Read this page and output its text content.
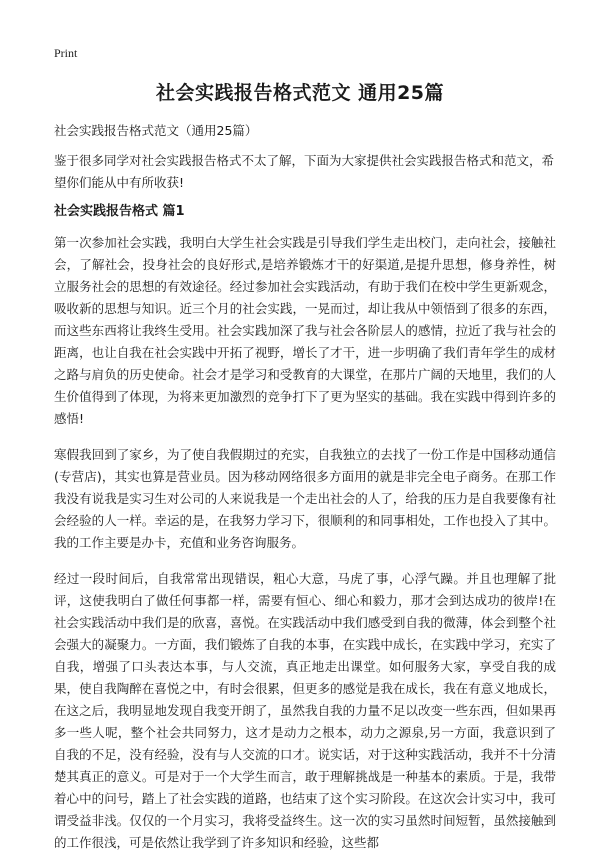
Print
社会实践报告格式范文 通用25篇
社会实践报告格式范文（通用25篇）

鉴于很多同学对社会实践报告格式不太了解，下面为大家提供社会实践报告格式和范文，希望你们能从中有所收获!

社会实践报告格式 篇1

第一次参加社会实践，我明白大学生社会实践是引导我们学生走出校门，走向社会，接触社会，了解社会，投身社会的良好形式,是培养锻炼才干的好渠道,是提升思想，修身养性，树立服务社会的思想的有效途径。经过参加社会实践活动，有助于我们在校中学生更新观念，吸收新的思想与知识。近三个月的社会实践，一晃而过，却让我从中领悟到了很多的东西，而这些东西将让我终生受用。社会实践加深了我与社会各阶层人的感情，拉近了我与社会的距离，也让自我在社会实践中开拓了视野，增长了才干，进一步明确了我们青年学生的成材之路与肩负的历史使命。社会才是学习和受教育的大课堂，在那片广阔的天地里，我们的人生价值得到了体现，为将来更加激烈的竞争打下了更为坚实的基础。我在实践中得到许多的感悟!

寒假我回到了家乡，为了使自我假期过的充实，自我独立的去找了一份工作是中国移动通信(专营店)，其实也算是营业员。因为移动网络很多方面用的就是非完全电子商务。在那工作我没有说我是实习生对公司的人来说我是一个走出社会的人了，给我的压力是自我要像有社会经验的人一样。幸运的是，在我努力学习下，很顺利的和同事相处，工作也投入了其中。我的工作主要是办卡，充值和业务咨询服务。

经过一段时间后，自我常常出现错误，粗心大意，马虎了事，心浮气躁。并且也理解了批评，这使我明白了做任何事都一样，需要有恒心、细心和毅力，那才会到达成功的彼岸!在社会实践活动中我们是的欣喜，喜悦。在实践活动中我们感受到自我的微薄，体会到整个社会强大的凝聚力。一方面，我们锻炼了自我的本事，在实践中成长，在实践中学习，充实了自我，增强了口头表达本事，与人交流，真正地走出课堂。如何服务大家，享受自我的成果，使自我陶醉在喜悦之中，有时会很累，但更多的感觉是我在成长，我在有意义地成长，在这之后，我明显地发现自我变开朗了，虽然我自我的力量不足以改变一些东西，但如果再多一些人呢，整个社会共同努力，这才是动力之根本，动力之源泉,另一方面，我意识到了自我的不足，没有经验，没有与人交流的口才。说实话，对于这种实践活动，我并不十分清楚其真正的意义。可是对于一个大学生而言，敢于理解挑战是一种基本的素质。于是，我带着心中的问号，踏上了社会实践的道路，也结束了这个实习阶段。在这次会计实习中，我可谓受益非浅。仅仅的一个月实习，我将受益终生。这一次的实习虽然时间短暂，虽然接触到的工作很浅，可是依然让我学到了许多知识和经验，这些都
